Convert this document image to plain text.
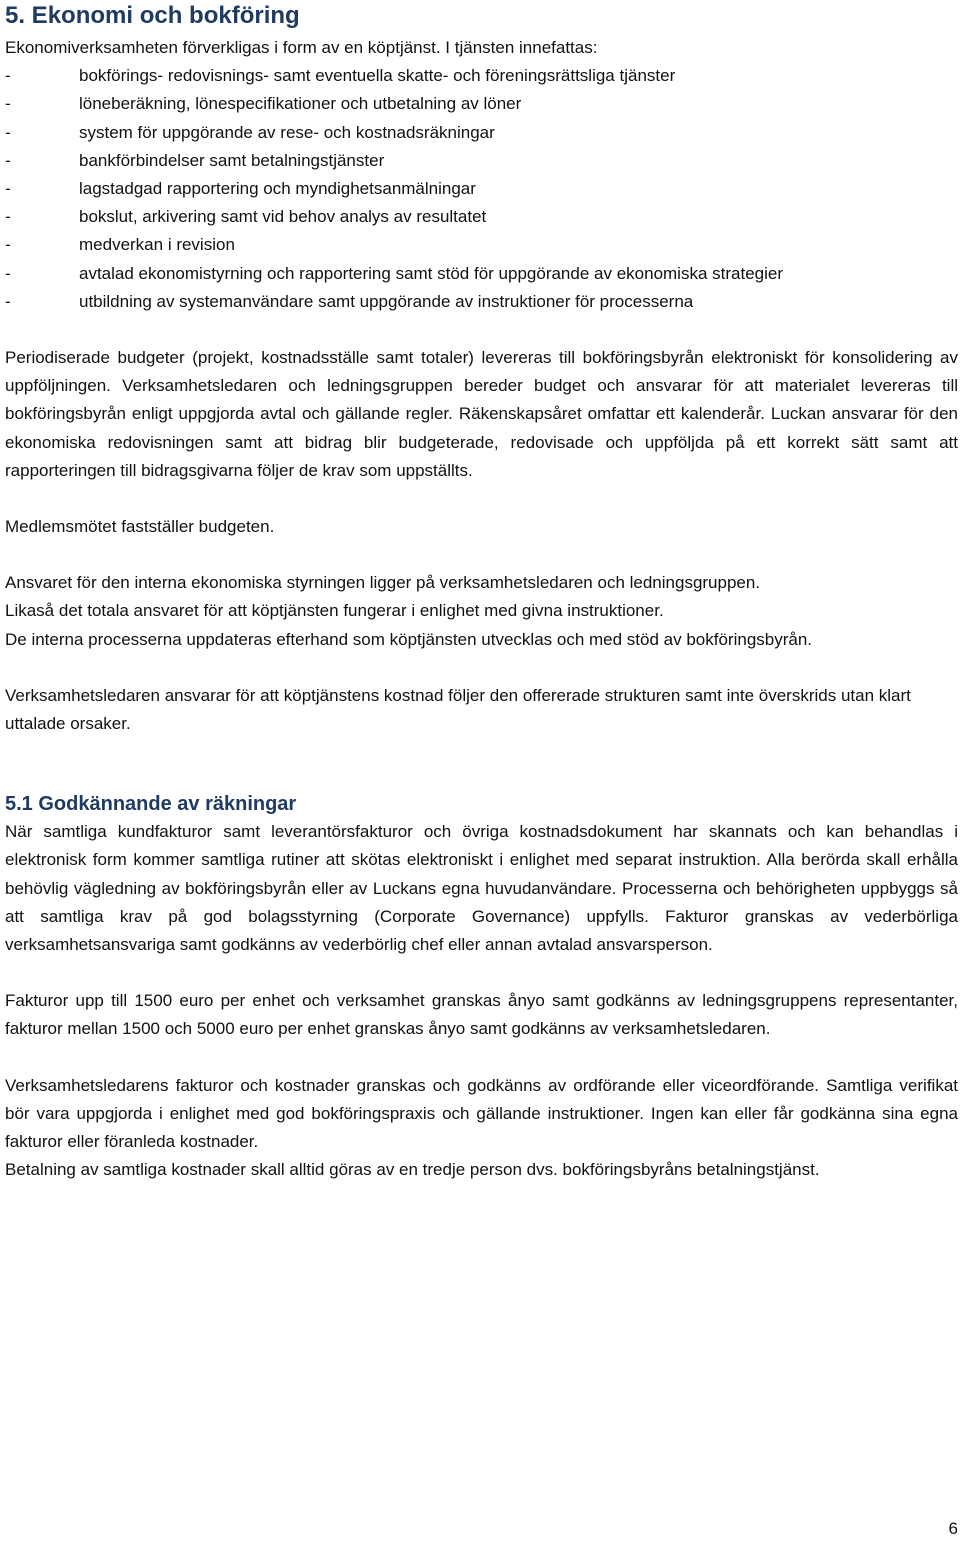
5. Ekonomi och bokföring

Ekonomiverksamheten förverkligas i form av en köptjänst. I tjänsten innefattas:

-	bokförings- redovisnings- samt eventuella skatte- och föreningsrättsliga tjänster
-	löneberäkning, lönespecifikationer och utbetalning av löner
-	system för uppgörande av rese- och kostnadsräkningar
-	bankförbindelser samt betalningstjänster
-	lagstadgad rapportering och myndighetsanmälningar
-	bokslut, arkivering samt vid behov analys av resultatet
-	medverkan i revision
-	avtalad ekonomistyrning och rapportering samt stöd för uppgörande av ekonomiska strategier
-	utbildning av systemanvändare samt uppgörande av instruktioner för processerna

Periodiserade budgeter (projekt, kostnadsställe samt totaler) levereras till bokföringsbyrån elektroniskt för konsolidering av uppföljningen. Verksamhetsledaren och ledningsgruppen bereder budget och ansvarar för att materialet levereras till bokföringsbyrån enligt uppgjorda avtal och gällande regler. Räkenskapsåret omfattar ett kalenderår. Luckan ansvarar för den ekonomiska redovisningen samt att bidrag blir budgeterade, redovisade och uppföljda på ett korrekt sätt samt att rapporteringen till bidragsgivarna följer de krav som uppställts.

Medlemsmötet fastställer budgeten.

Ansvaret för den interna ekonomiska styrningen ligger på verksamhetsledaren och ledningsgruppen.

Likaså det totala ansvaret för att köptjänsten fungerar i enlighet med givna instruktioner.

De interna processerna uppdateras efterhand som köptjänsten utvecklas och med stöd av bokföringsbyrån.

Verksamhetsledaren ansvarar för att köptjänstens kostnad följer den offererade strukturen samt inte överskrids utan klart uttalade orsaker.

5.1 Godkännande av räkningar

När samtliga kundfakturor samt leverantörsfakturor och övriga kostnadsdokument har skannats och kan behandlas i elektronisk form kommer samtliga rutiner att skötas elektroniskt i enlighet med separat instruktion. Alla berörda skall erhålla behövlig vägledning av bokföringsbyrån eller av Luckans egna huvudanvändare. Processerna och behörigheten uppbyggs så att samtliga krav på god bolagsstyrning (Corporate Governance) uppfylls. Fakturor granskas av vederbörliga verksamhetsansvariga samt godkänns av vederbörlig chef eller annan avtalad ansvarsperson.

Fakturor upp till 1500 euro per enhet och verksamhet granskas ånyo samt godkänns av ledningsgruppens representanter, fakturor mellan 1500 och 5000 euro per enhet granskas ånyo samt godkänns av verksamhetsledaren.

Verksamhetsledarens fakturor och kostnader granskas och godkänns av ordförande eller viceordförande. Samtliga verifikat bör vara uppgjorda i enlighet med god bokföringspraxis och gällande instruktioner. Ingen kan eller får godkänna sina egna fakturor eller föranleda kostnader.

Betalning av samtliga kostnader skall alltid göras av en tredje person dvs. bokföringsbyråns betalningstjänst.

6
